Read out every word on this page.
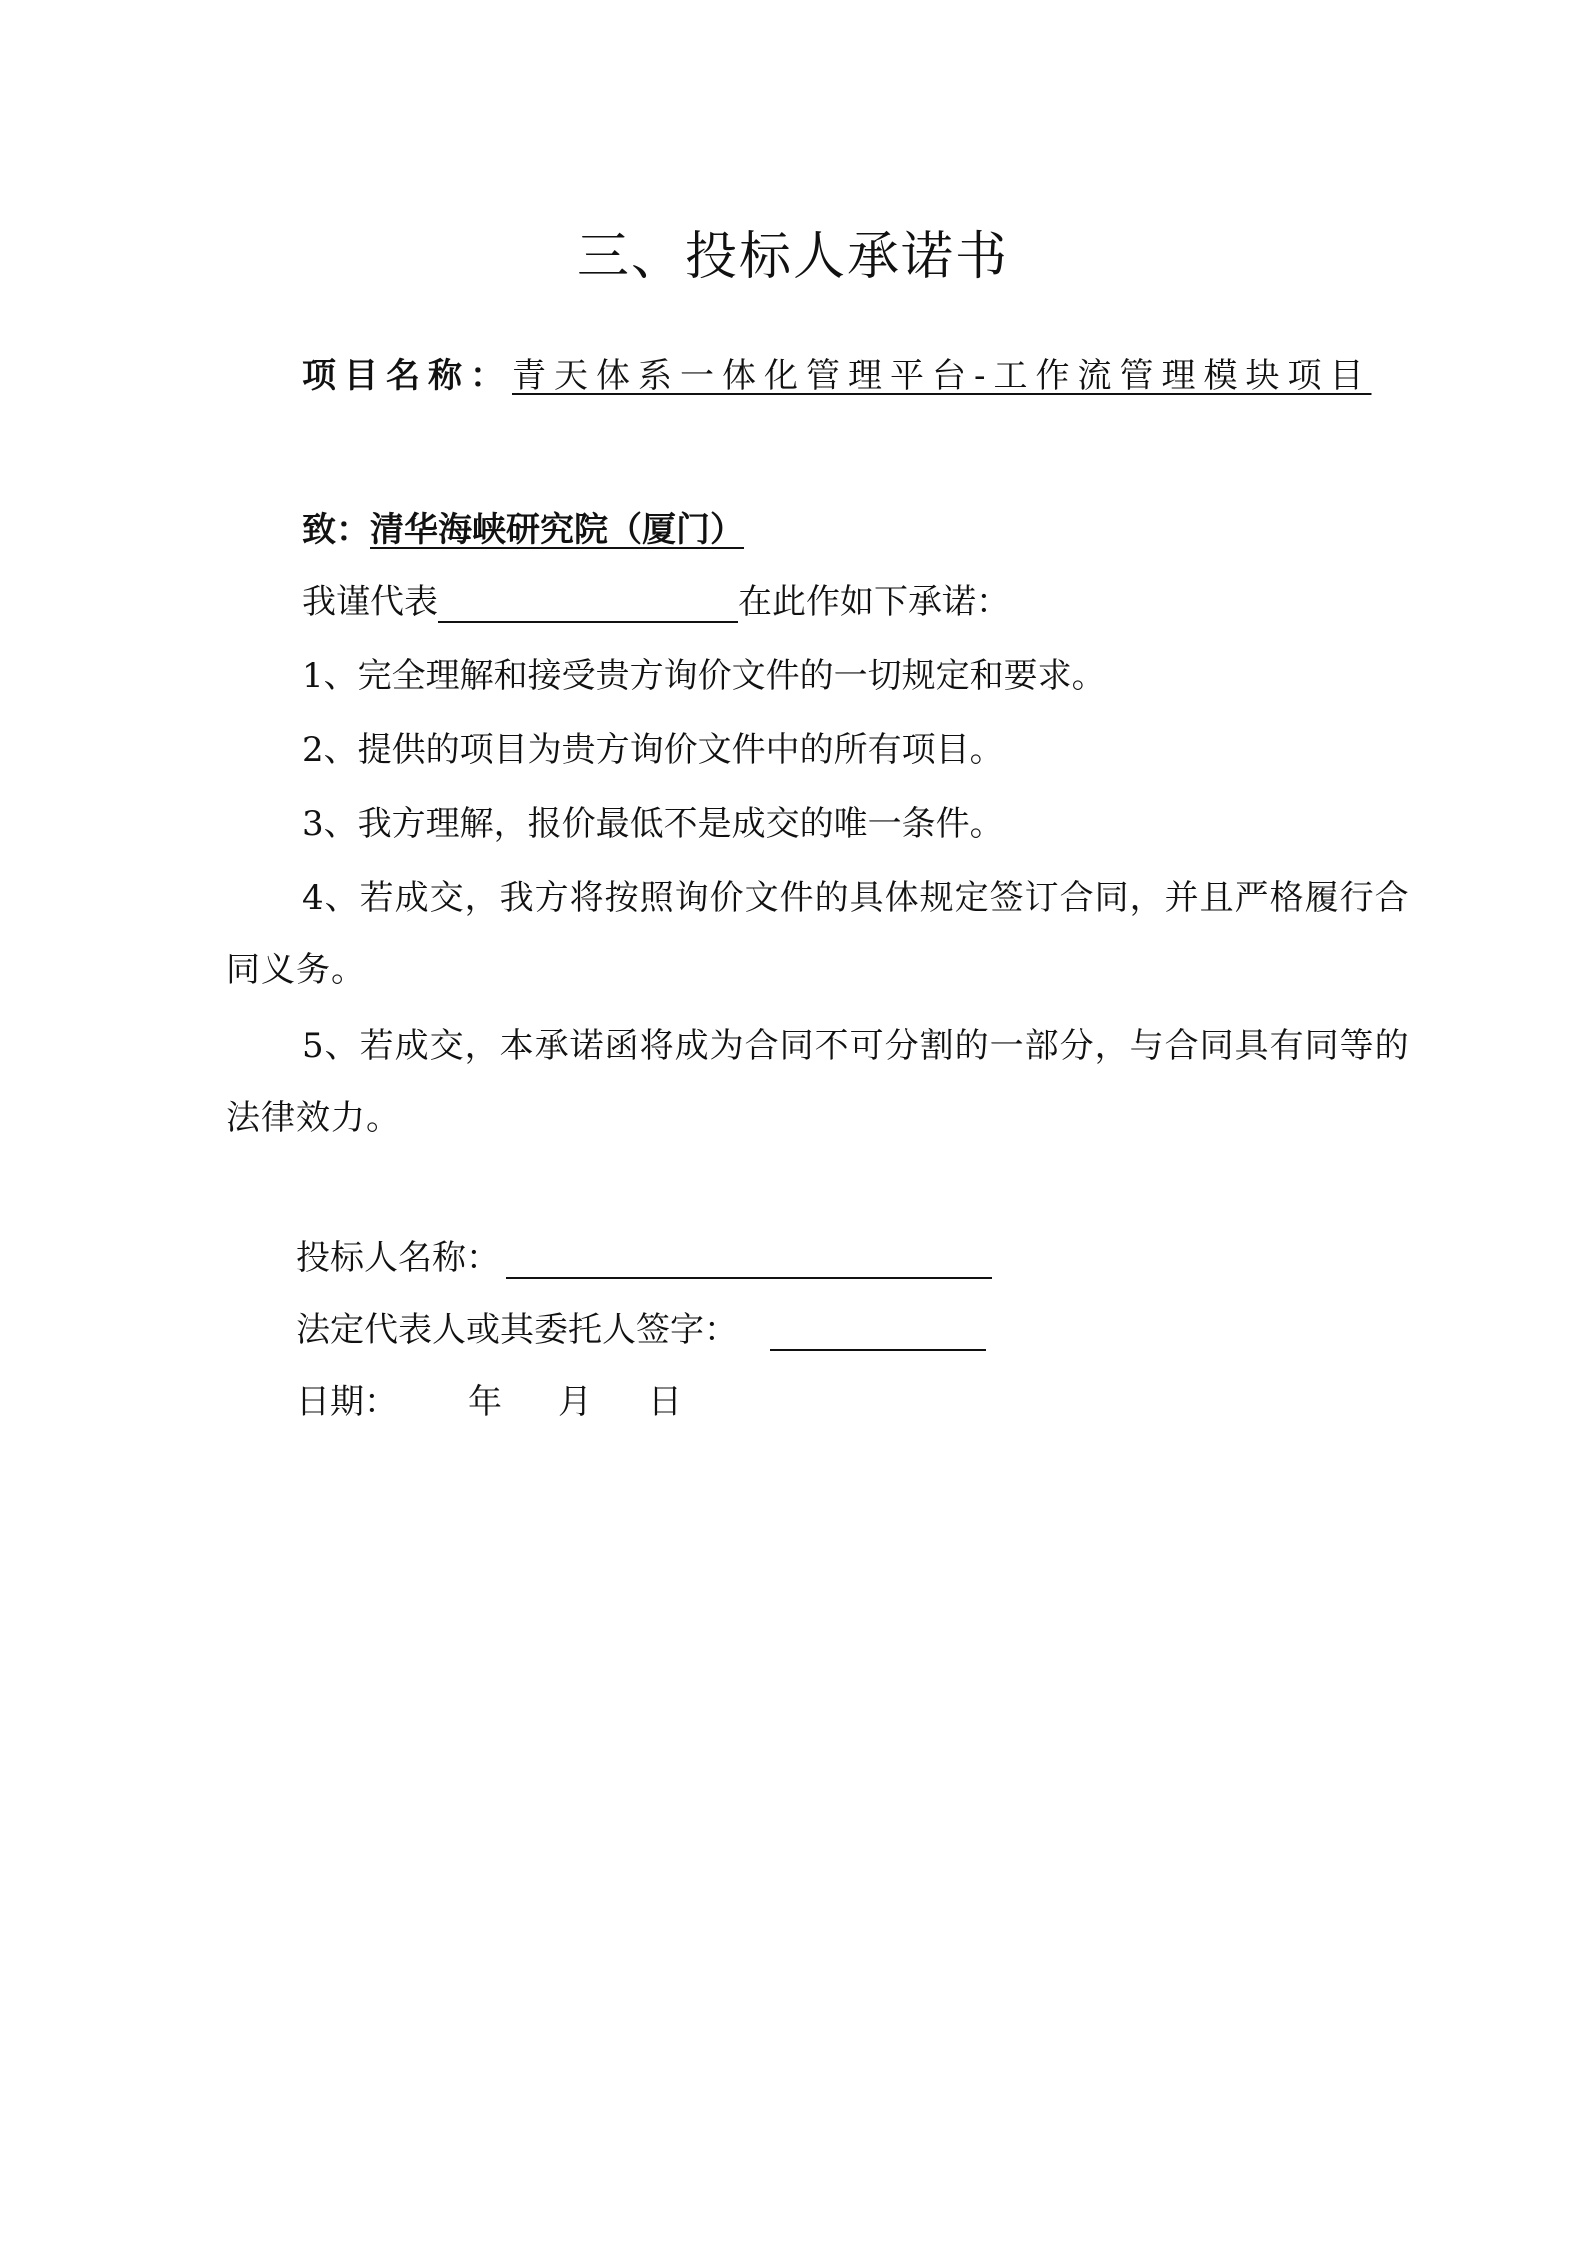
三、投标人承诺书

项目名称：青天体系一体化管理平台-工作流管理模块项目

致：清华海峡研究院（厦门）
我谨代表	在此作如下承诺：

1、完全理解和接受贵方询价文件的一切规定和要求。

2、提供的项目为贵方询价文件中的所有项目。

3、我方理解，报价最低不是成交的唯一条件。

4、若成交，我方将按照询价文件的具体规定签订合同，并且严格履行合同义务。

5、若成交，本承诺函将成为合同不可分割的一部分，与合同具有同等的法律效力。

投标人名称：
法定代表人或其委托人签字：
日期： 年 月 日
